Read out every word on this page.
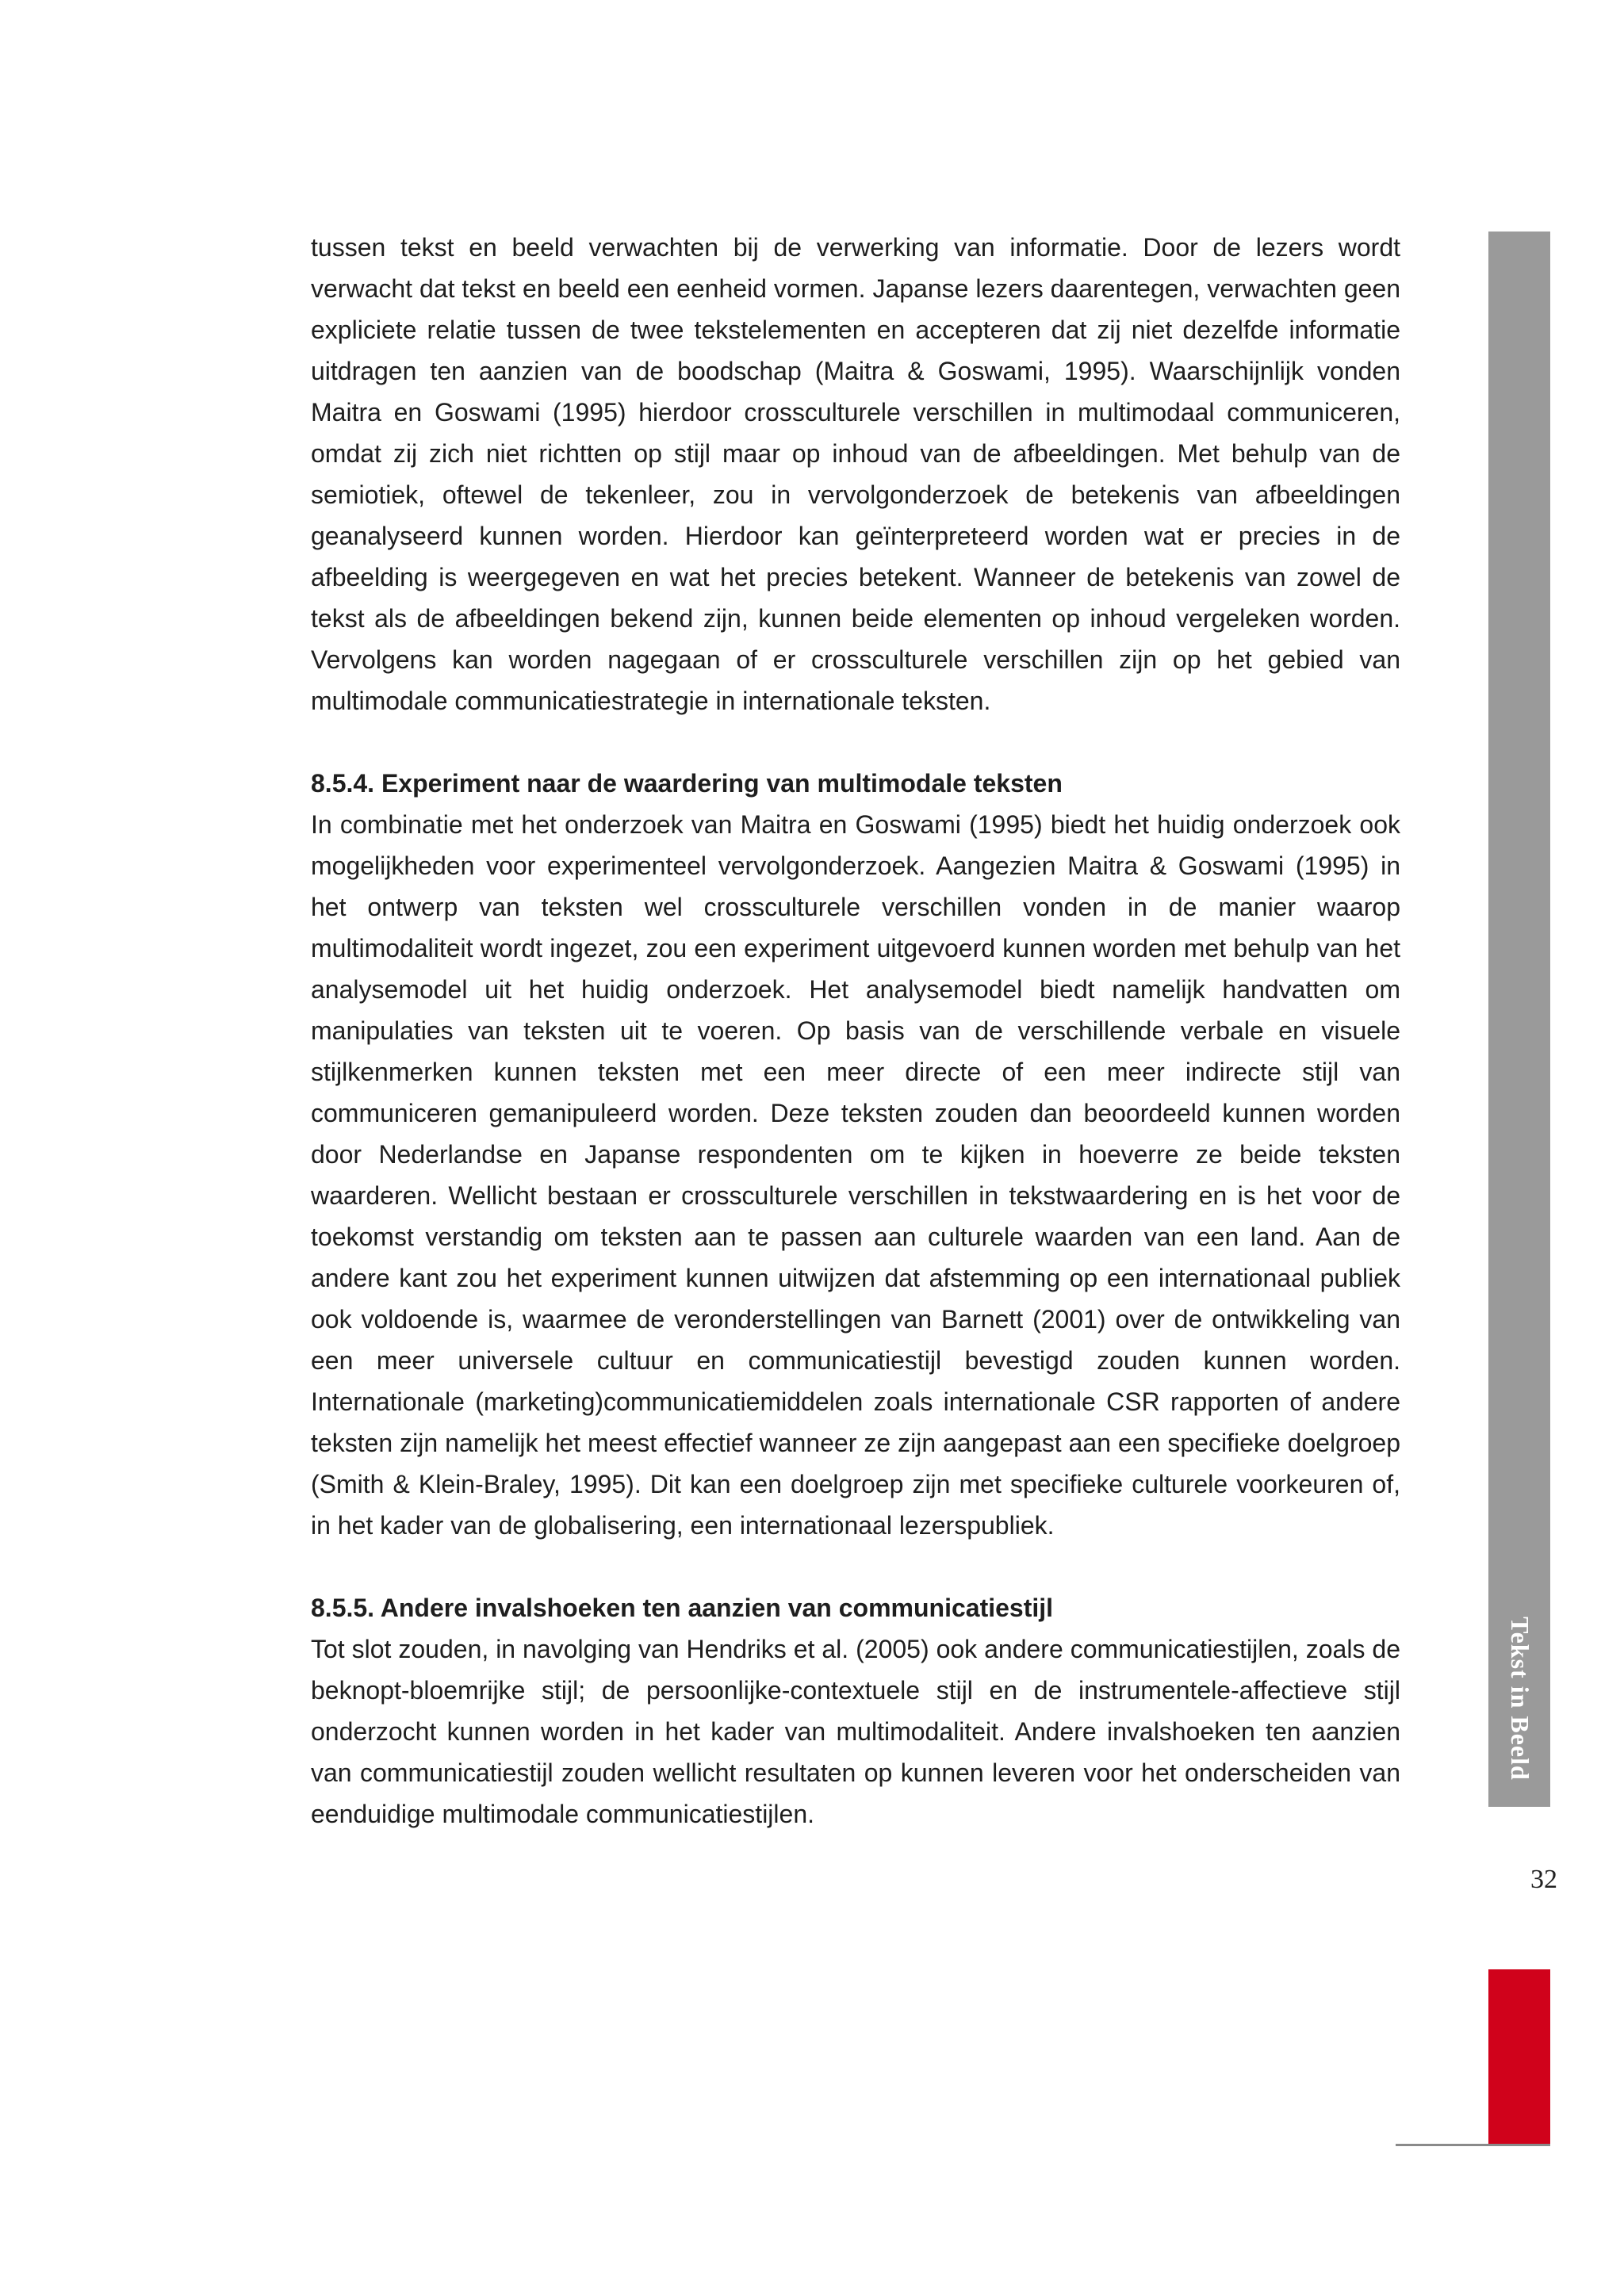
tussen tekst en beeld verwachten bij de verwerking van informatie. Door de lezers wordt verwacht dat tekst en beeld een eenheid vormen. Japanse lezers daarentegen, verwachten geen expliciete relatie tussen de twee tekstelementen en accepteren dat zij niet dezelfde informatie uitdragen ten aanzien van de boodschap (Maitra & Goswami, 1995). Waarschijnlijk vonden Maitra en Goswami (1995) hierdoor crossculturele verschillen in multimodaal communiceren, omdat zij zich niet richtten op stijl maar op inhoud van de afbeeldingen. Met behulp van de semiotiek, oftewel de tekenleer, zou in vervolgonderzoek de betekenis van afbeeldingen geanalyseerd kunnen worden. Hierdoor kan geïnterpreteerd worden wat er precies in de afbeelding is weergegeven en wat het precies betekent. Wanneer de betekenis van zowel de tekst als de afbeeldingen bekend zijn, kunnen beide elementen op inhoud vergeleken worden. Vervolgens kan worden nagegaan of er crossculturele verschillen zijn op het gebied van multimodale communicatiestrategie in internationale teksten.

8.5.4. Experiment naar de waardering van multimodale teksten

In combinatie met het onderzoek van Maitra en Goswami (1995) biedt het huidig onderzoek ook mogelijkheden voor experimenteel vervolgonderzoek. Aangezien Maitra & Goswami (1995) in het ontwerp van teksten wel crossculturele verschillen vonden in de manier waarop multimodaliteit wordt ingezet, zou een experiment uitgevoerd kunnen worden met behulp van het analysemodel uit het huidig onderzoek. Het analysemodel biedt namelijk handvatten om manipulaties van teksten uit te voeren. Op basis van de verschillende verbale en visuele stijlkenmerken kunnen teksten met een meer directe of een meer indirecte stijl van communiceren gemanipuleerd worden. Deze teksten zouden dan beoordeeld kunnen worden door Nederlandse en Japanse respondenten om te kijken in hoeverre ze beide teksten waarderen. Wellicht bestaan er crossculturele verschillen in tekstwaardering en is het voor de toekomst verstandig om teksten aan te passen aan culturele waarden van een land. Aan de andere kant zou het experiment kunnen uitwijzen dat afstemming op een internationaal publiek ook voldoende is, waarmee de veronderstellingen van Barnett (2001) over de ontwikkeling van een meer universele cultuur en communicatiestijl bevestigd zouden kunnen worden. Internationale (marketing)communicatiemiddelen zoals internationale CSR rapporten of andere teksten zijn namelijk het meest effectief wanneer ze zijn aangepast aan een specifieke doelgroep (Smith & Klein-Braley, 1995). Dit kan een doelgroep zijn met specifieke culturele voorkeuren of, in het kader van de globalisering, een internationaal lezerspubliek.

8.5.5. Andere invalshoeken ten aanzien van communicatiestijl

Tot slot zouden, in navolging van Hendriks et al. (2005) ook andere communicatiestijlen, zoals de beknopt-bloemrijke stijl; de persoonlijke-contextuele stijl en de instrumentele-affectieve stijl onderzocht kunnen worden in het kader van multimodaliteit. Andere invalshoeken ten aanzien van communicatiestijl zouden wellicht resultaten op kunnen leveren voor het onderscheiden van eenduidige multimodale communicatiestijlen.

Tekst in Beeld
32
